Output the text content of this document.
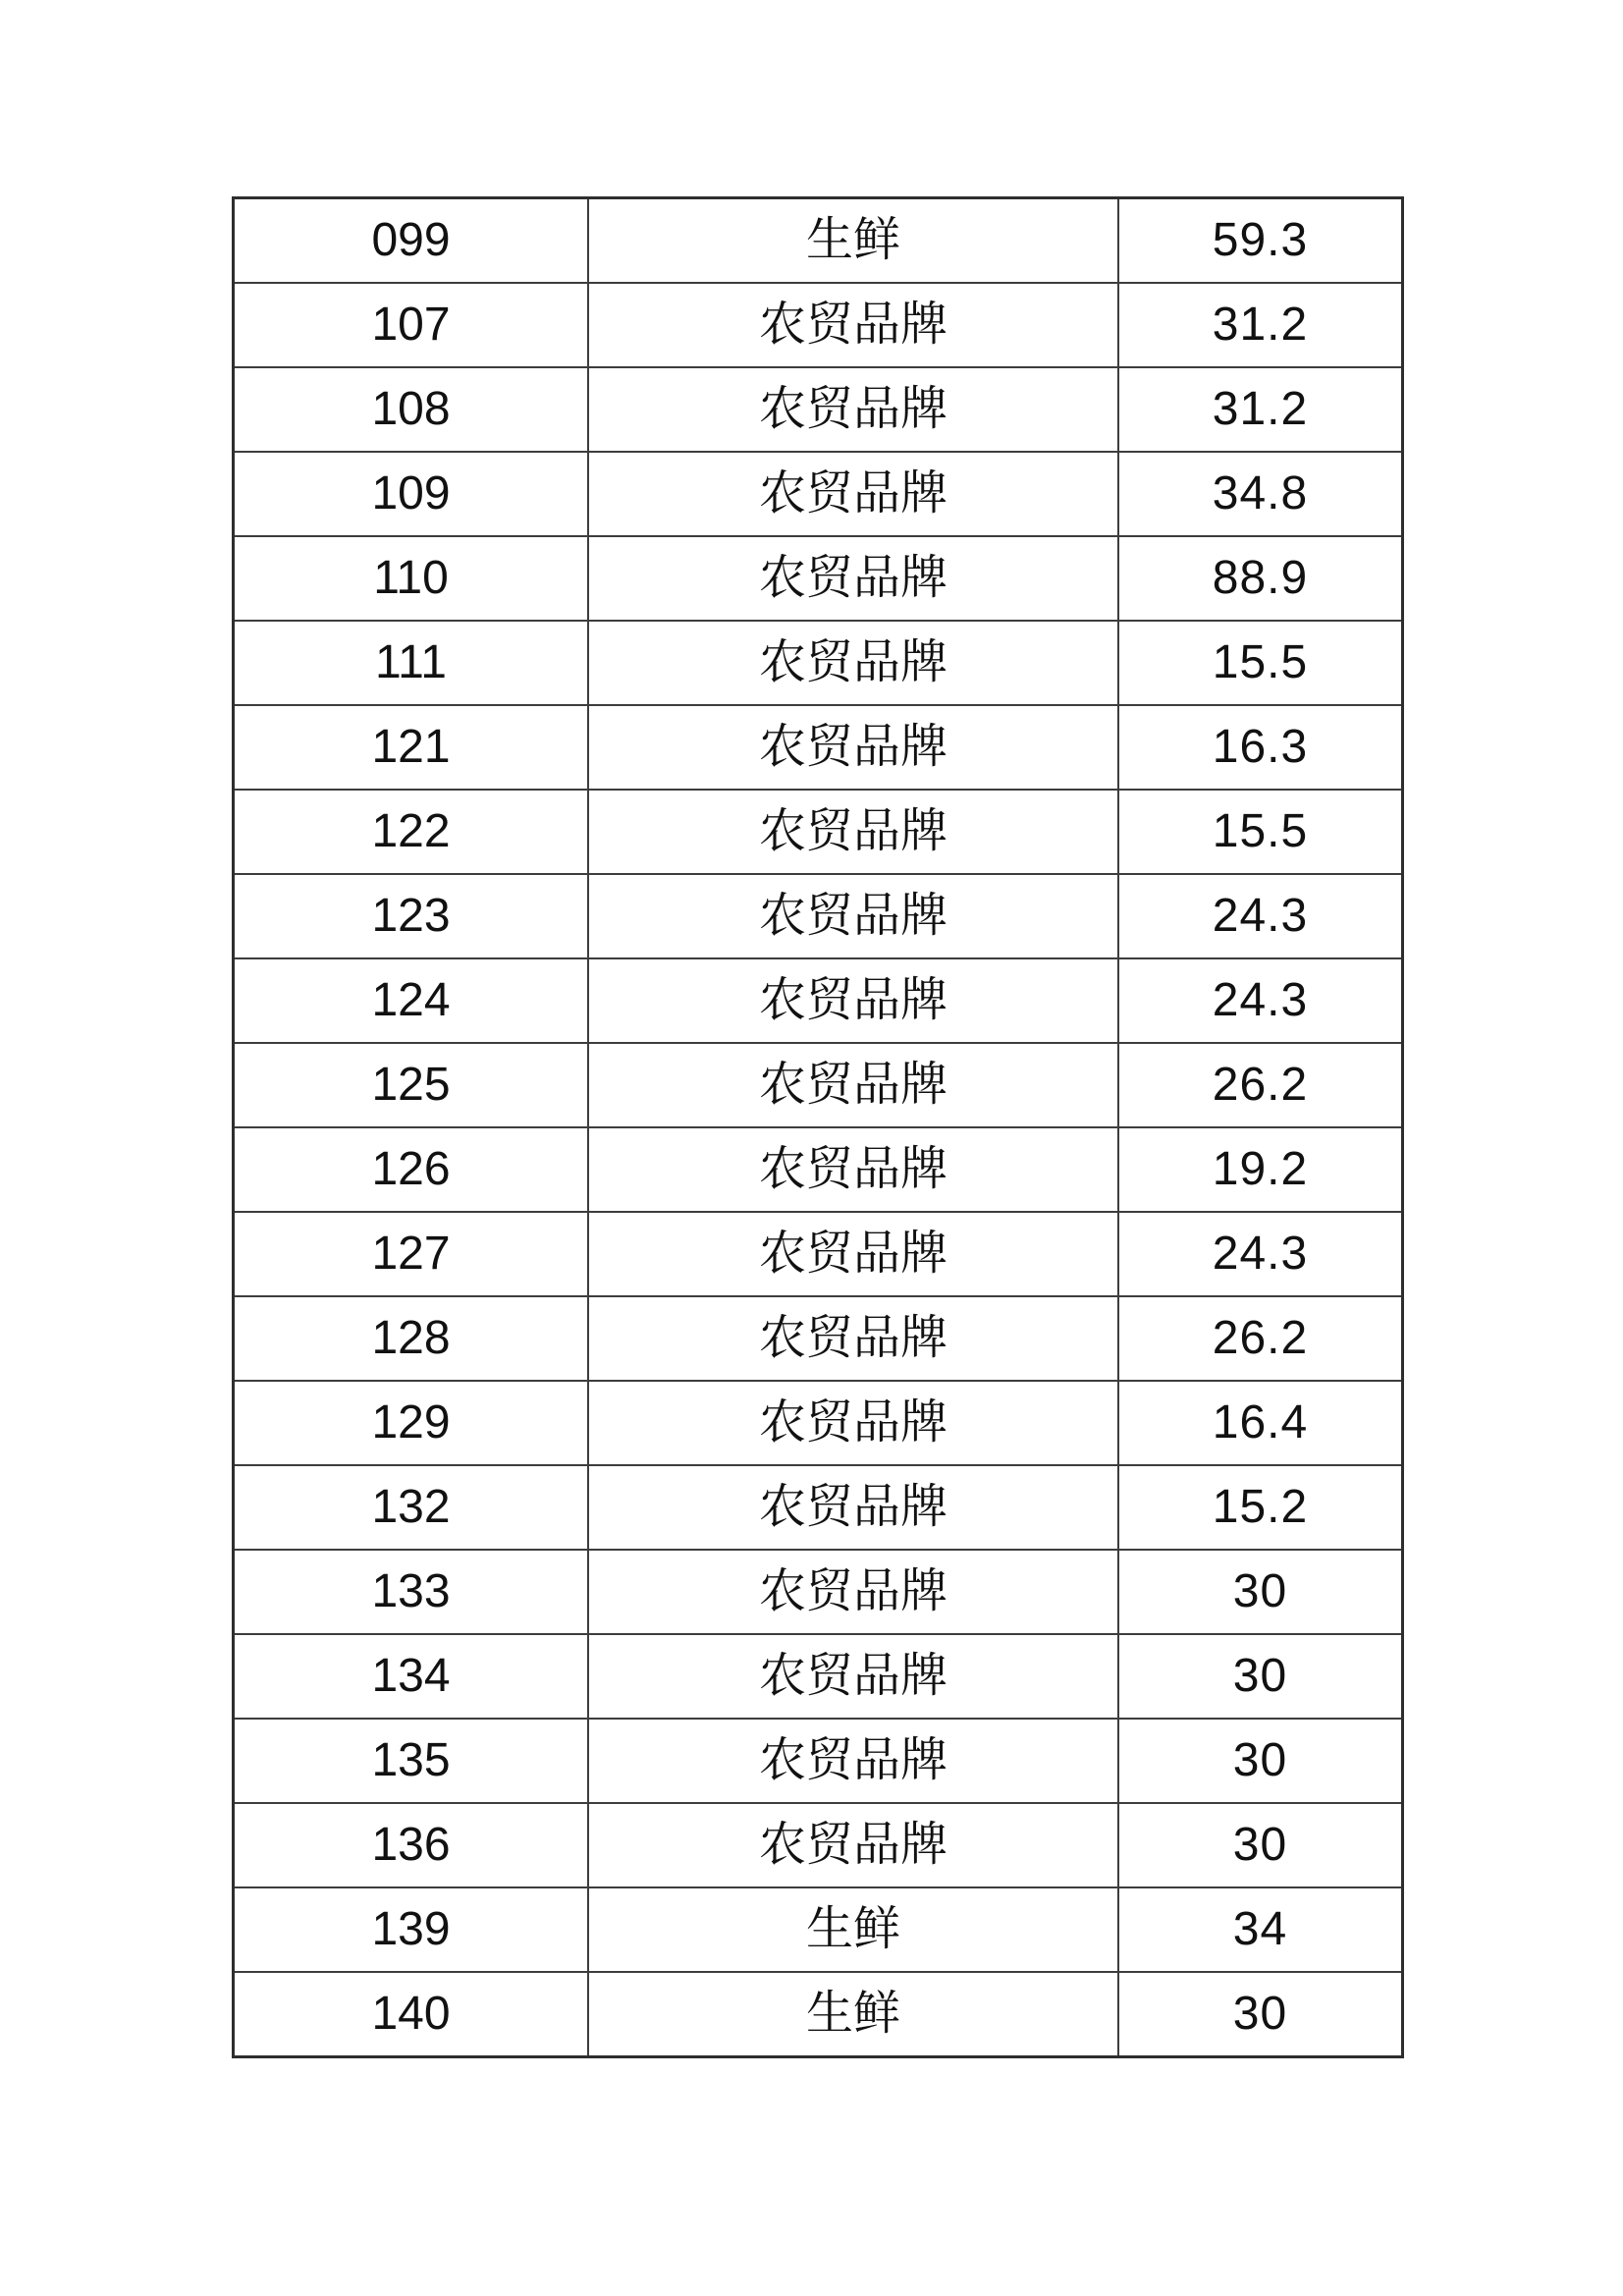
099	生鲜	59.3
107	农贸品牌	31.2
108	农贸品牌	31.2
109	农贸品牌	34.8
110	农贸品牌	88.9
111	农贸品牌	15.5
121	农贸品牌	16.3
122	农贸品牌	15.5
123	农贸品牌	24.3
124	农贸品牌	24.3
125	农贸品牌	26.2
126	农贸品牌	19.2
127	农贸品牌	24.3
128	农贸品牌	26.2
129	农贸品牌	16.4
132	农贸品牌	15.2
133	农贸品牌	30
134	农贸品牌	30
135	农贸品牌	30
136	农贸品牌	30
139	生鲜	34
140	生鲜	30
